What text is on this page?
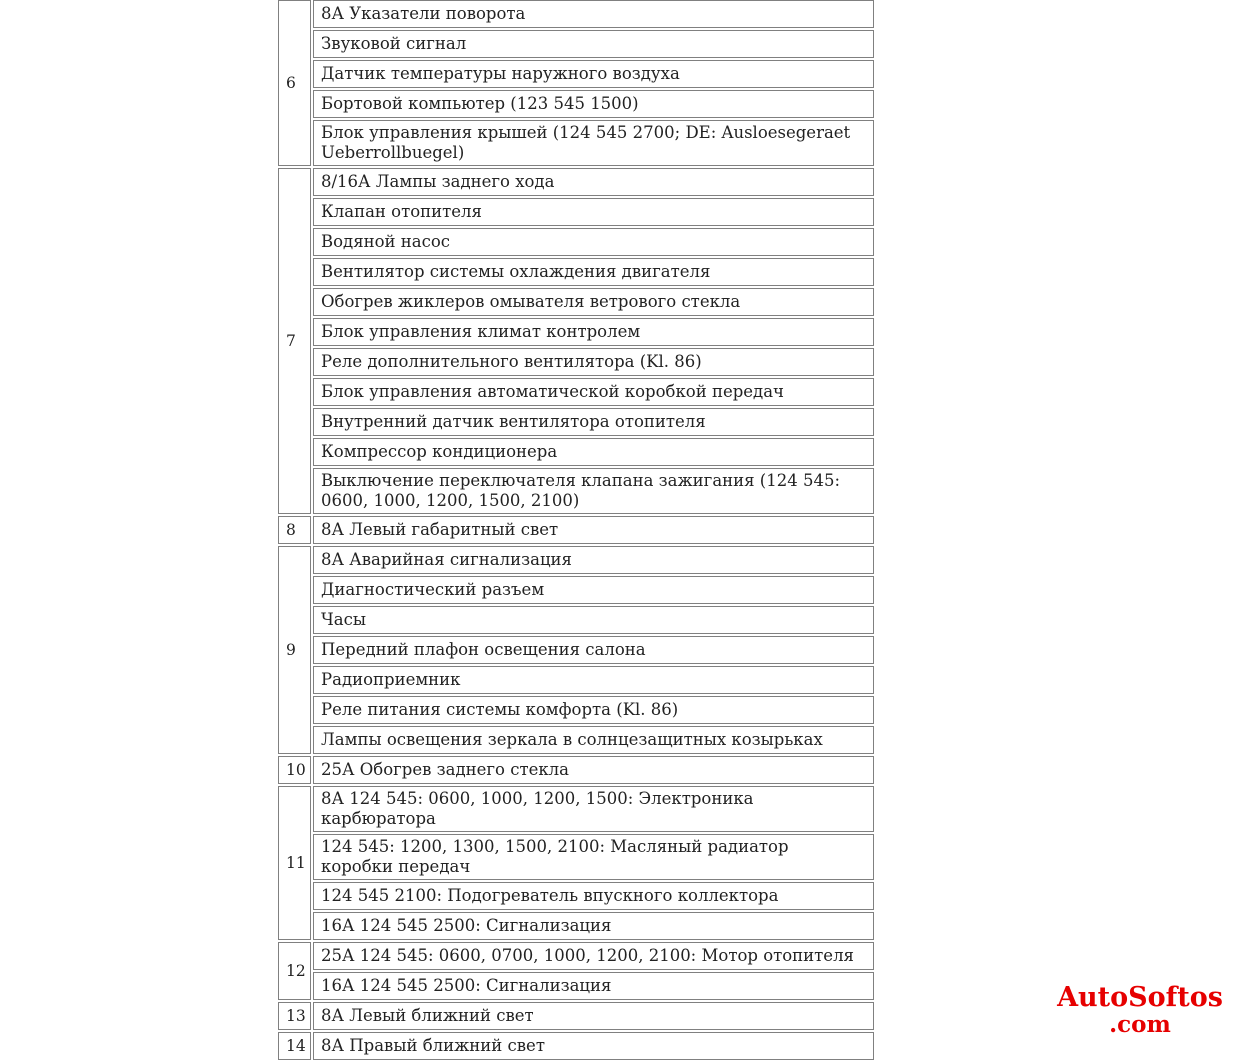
6	8А Указатели поворота
	Звуковой сигнал
	Датчик температуры наружного воздуха
	Бортовой компьютер (123 545 1500)
	Блок управления крышей (124 545 2700; DE: Ausloesegeraet Ueberrollbuegel)
7	8/16А Лампы заднего хода
	Клапан отопителя
	Водяной насос
	Вентилятор системы охлаждения двигателя
	Обогрев жиклеров омывателя ветрового стекла
	Блок управления климат контролем
	Реле дополнительного вентилятора (Kl. 86)
	Блок управления автоматической коробкой передач
	Внутренний датчик вентилятора отопителя
	Компрессор кондиционера
	Выключение переключателя клапана зажигания (124 545: 0600, 1000, 1200, 1500, 2100)
8	8А Левый габаритный свет
9	8А Аварийная сигнализация
	Диагностический разъем
	Часы
	Передний плафон освещения салона
	Радиоприемник
	Реле питания системы комфорта (Kl. 86)
	Лампы освещения зеркала в солнцезащитных козырьках
10	25А Обогрев заднего стекла
11	8А 124 545: 0600, 1000, 1200, 1500: Электроника карбюратора
	124 545: 1200, 1300, 1500, 2100: Масляный радиатор коробки передач
	124 545 2100: Подогреватель впускного коллектора
	16А 124 545 2500: Сигнализация
12	25А 124 545: 0600, 0700, 1000, 1200, 2100: Мотор отопителя
	16А 124 545 2500: Сигнализация
13	8А Левый ближний свет
14	8А Правый ближний свет
AutoSoftos
.com
